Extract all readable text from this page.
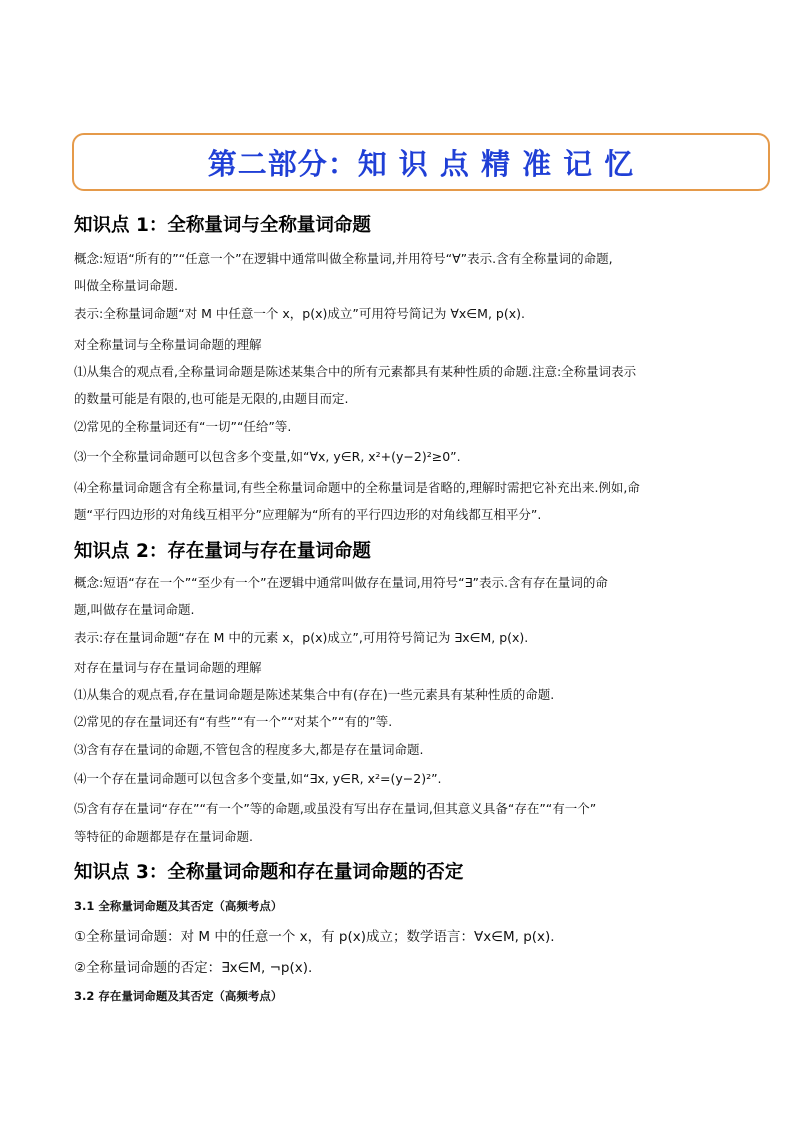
第二部分：知 识 点 精 准 记 忆
知识点 1：全称量词与全称量词命题
概念:短语“所有的”“任意一个”在逻辑中通常叫做全称量词,并用符号“∀”表示.含有全称量词的命题,
叫做全称量词命题.
表示:全称量词命题“对 M 中任意一个 x，p(x)成立”可用符号简记为 ∀x∈M, p(x).
对全称量词与全称量词命题的理解
⑴从集合的观点看,全称量词命题是陈述某集合中的所有元素都具有某种性质的命题.注意:全称量词表示
的数量可能是有限的,也可能是无限的,由题目而定.
⑵常见的全称量词还有“一切”“任给”等.
⑶一个全称量词命题可以包含多个变量,如“∀x, y∈R, x²+(y−2)²≥0”.
⑷全称量词命题含有全称量词,有些全称量词命题中的全称量词是省略的,理解时需把它补充出来.例如,命
题“平行四边形的对角线互相平分”应理解为“所有的平行四边形的对角线都互相平分”.
知识点 2：存在量词与存在量词命题
概念:短语“存在一个”“至少有一个”在逻辑中通常叫做存在量词,用符号“∃”表示.含有存在量词的命
题,叫做存在量词命题.
表示:存在量词命题“存在 M 中的元素 x，p(x)成立”,可用符号简记为 ∃x∈M, p(x).
对存在量词与存在量词命题的理解
⑴从集合的观点看,存在量词命题是陈述某集合中有(存在)一些元素具有某种性质的命题.
⑵常见的存在量词还有“有些”“有一个”“对某个”“有的”等.
⑶含有存在量词的命题,不管包含的程度多大,都是存在量词命题.
⑷一个存在量词命题可以包含多个变量,如“∃x, y∈R, x²=(y−2)²”.
⑸含有存在量词“存在”“有一个”等的命题,或虽没有写出存在量词,但其意义具备“存在”“有一个”
等特征的命题都是存在量词命题.
知识点 3：全称量词命题和存在量词命题的否定
3.1 全称量词命题及其否定（高频考点）
①全称量词命题：对 M 中的任意一个 x，有 p(x)成立；数学语言：∀x∈M, p(x).
②全称量词命题的否定：∃x∈M, ¬p(x).
3.2 存在量词命题及其否定（高频考点）
